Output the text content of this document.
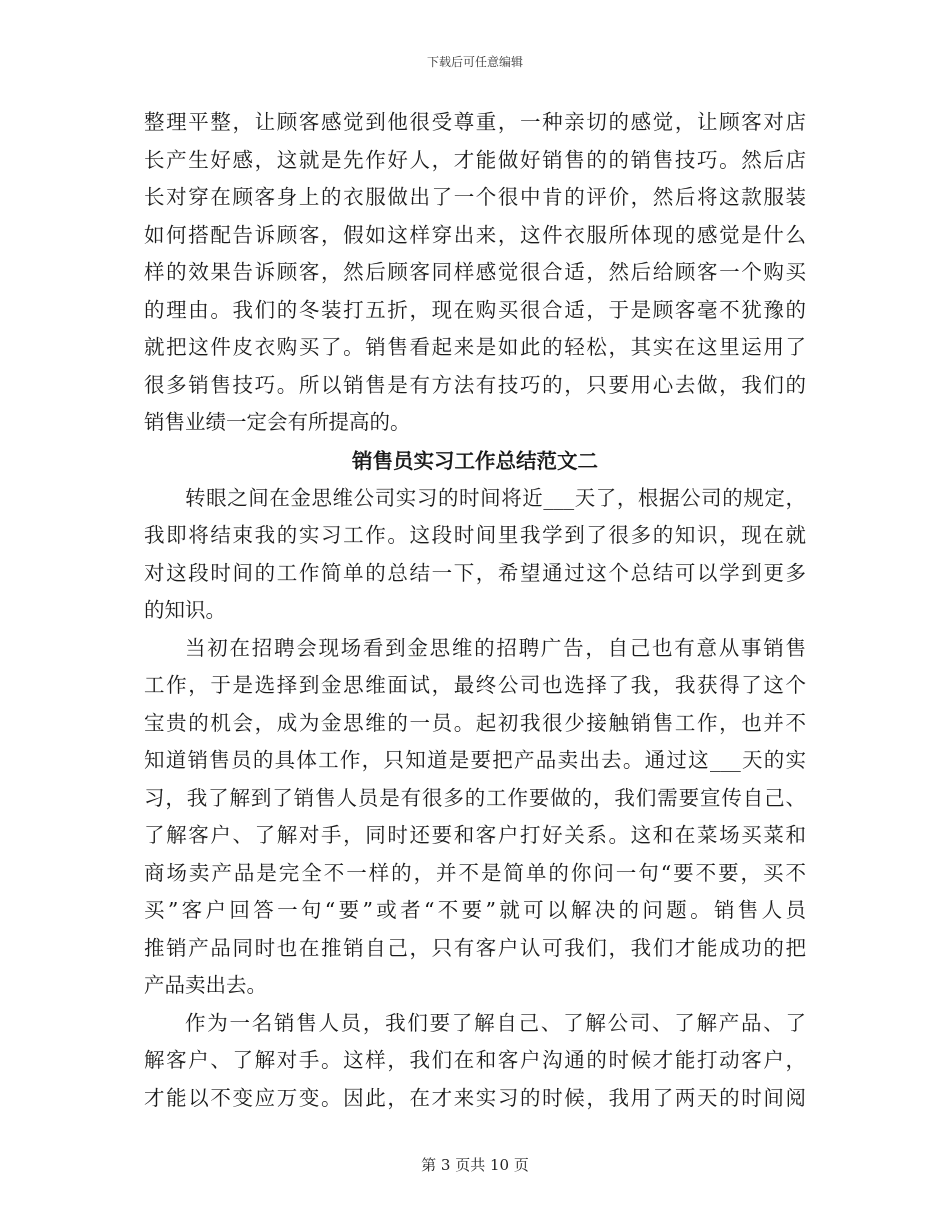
下载后可任意编辑
整理平整，让顾客感觉到他很受尊重，一种亲切的感觉，让顾客对店
长产生好感，这就是先作好人，才能做好销售的的销售技巧。然后店
长对穿在顾客身上的衣服做出了一个很中肯的评价，然后将这款服装
如何搭配告诉顾客，假如这样穿出来，这件衣服所体现的感觉是什么
样的效果告诉顾客，然后顾客同样感觉很合适，然后给顾客一个购买
的理由。我们的冬装打五折，现在购买很合适，于是顾客毫不犹豫的
就把这件皮衣购买了。销售看起来是如此的轻松，其实在这里运用了
很多销售技巧。所以销售是有方法有技巧的，只要用心去做，我们的
销售业绩一定会有所提高的。
销售员实习工作总结范文二
转眼之间在金思维公司实习的时间将近___天了，根据公司的规定，
我即将结束我的实习工作。这段时间里我学到了很多的知识，现在就
对这段时间的工作简单的总结一下，希望通过这个总结可以学到更多
的知识。
当初在招聘会现场看到金思维的招聘广告，自己也有意从事销售
工作，于是选择到金思维面试，最终公司也选择了我，我获得了这个
宝贵的机会，成为金思维的一员。起初我很少接触销售工作，也并不
知道销售员的具体工作，只知道是要把产品卖出去。通过这___天的实
习，我了解到了销售人员是有很多的工作要做的，我们需要宣传自己、
了解客户、了解对手，同时还要和客户打好关系。这和在菜场买菜和
商场卖产品是完全不一样的，并不是简单的你问一句“要不要，买不
买”客户回答一句“要”或者“不要”就可以解决的问题。销售人员
推销产品同时也在推销自己，只有客户认可我们，我们才能成功的把
产品卖出去。
作为一名销售人员，我们要了解自己、了解公司、了解产品、了
解客户、了解对手。这样，我们在和客户沟通的时候才能打动客户，
才能以不变应万变。因此，在才来实习的时候，我用了两天的时间阅
第 3 页共 10 页
